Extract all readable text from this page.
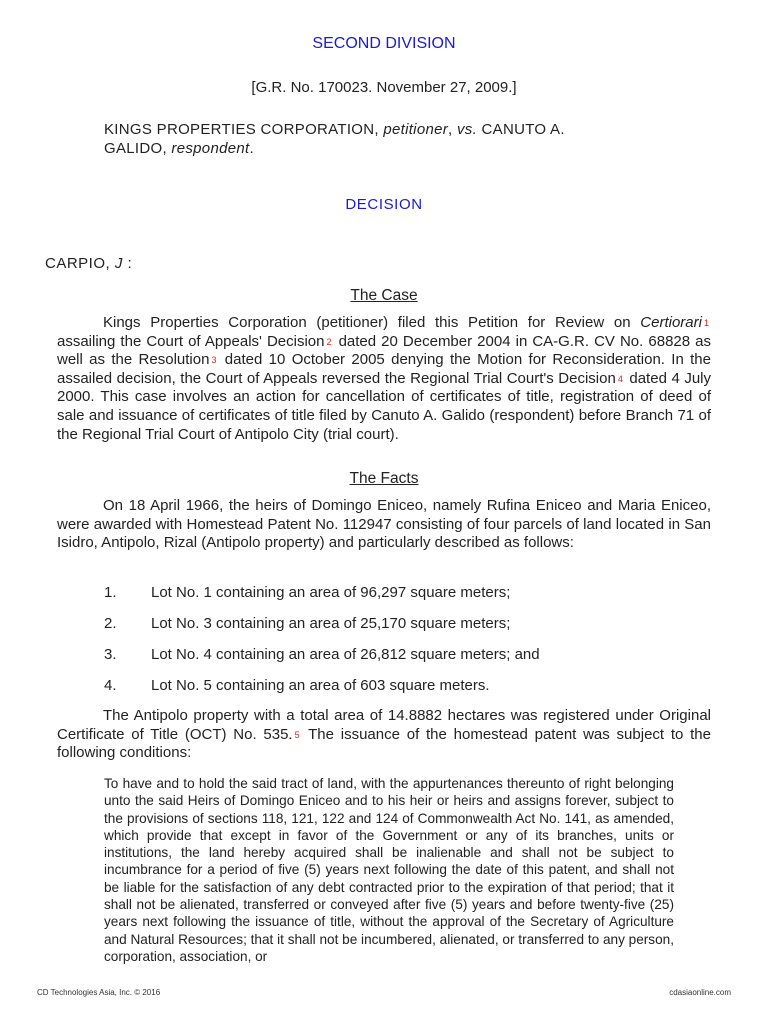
SECOND DIVISION
[G.R. No. 170023. November 27, 2009.]
KINGS PROPERTIES CORPORATION, petitioner, vs. CANUTO A. GALIDO, respondent.
DECISION
CARPIO, J :
The Case
Kings Properties Corporation (petitioner) filed this Petition for Review on Certiorari 1 assailing the Court of Appeals' Decision 2 dated 20 December 2004 in CA-G.R. CV No. 68828 as well as the Resolution 3 dated 10 October 2005 denying the Motion for Reconsideration. In the assailed decision, the Court of Appeals reversed the Regional Trial Court's Decision 4 dated 4 July 2000. This case involves an action for cancellation of certificates of title, registration of deed of sale and issuance of certificates of title filed by Canuto A. Galido (respondent) before Branch 71 of the Regional Trial Court of Antipolo City (trial court).
The Facts
On 18 April 1966, the heirs of Domingo Eniceo, namely Rufina Eniceo and Maria Eniceo, were awarded with Homestead Patent No. 112947 consisting of four parcels of land located in San Isidro, Antipolo, Rizal (Antipolo property) and particularly described as follows:
1. Lot No. 1 containing an area of 96,297 square meters;
2. Lot No. 3 containing an area of 25,170 square meters;
3. Lot No. 4 containing an area of 26,812 square meters; and
4. Lot No. 5 containing an area of 603 square meters.
The Antipolo property with a total area of 14.8882 hectares was registered under Original Certificate of Title (OCT) No. 535. 5 The issuance of the homestead patent was subject to the following conditions:
To have and to hold the said tract of land, with the appurtenances thereunto of right belonging unto the said Heirs of Domingo Eniceo and to his heir or heirs and assigns forever, subject to the provisions of sections 118, 121, 122 and 124 of Commonwealth Act No. 141, as amended, which provide that except in favor of the Government or any of its branches, units or institutions, the land hereby acquired shall be inalienable and shall not be subject to incumbrance for a period of five (5) years next following the date of this patent, and shall not be liable for the satisfaction of any debt contracted prior to the expiration of that period; that it shall not be alienated, transferred or conveyed after five (5) years and before twenty-five (25) years next following the issuance of title, without the approval of the Secretary of Agriculture and Natural Resources; that it shall not be incumbered, alienated, or transferred to any person, corporation, association, or
CD Technologies Asia, Inc. © 2016	cdasiaonline.com
